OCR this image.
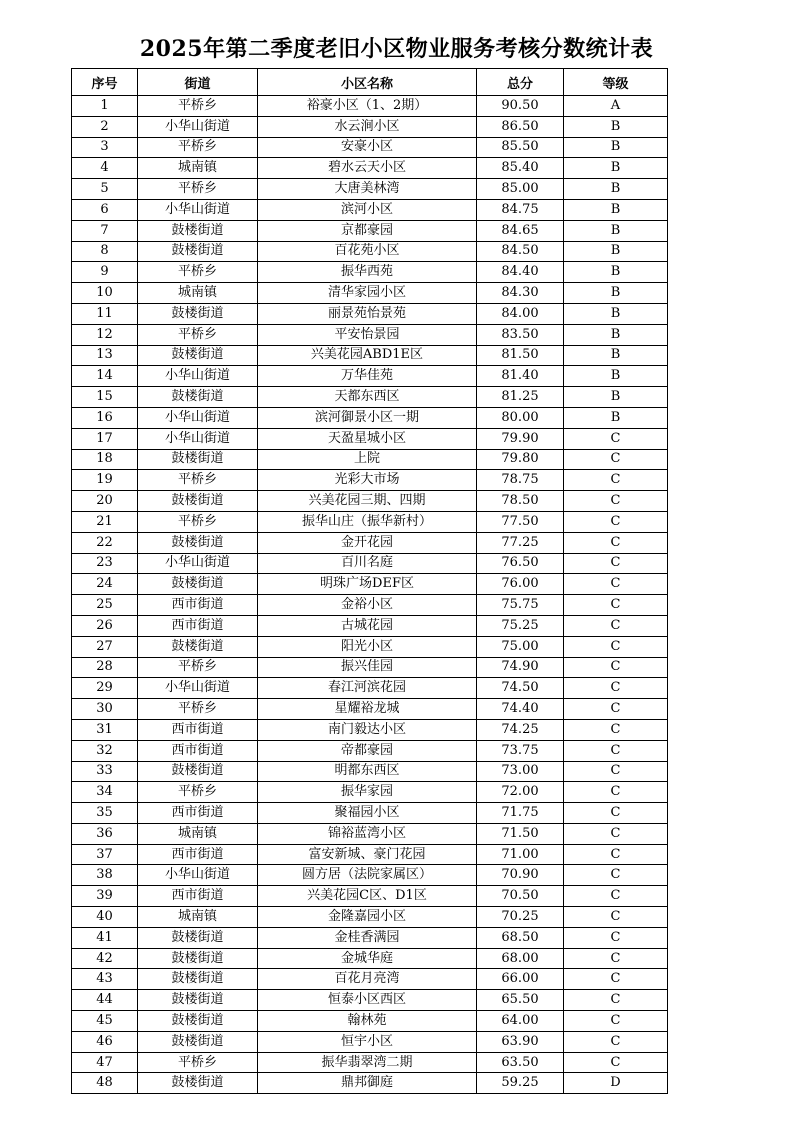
2025年第二季度老旧小区物业服务考核分数统计表
序号	街道	小区名称	总分	等级
1	平桥乡	裕豪小区（1、2期）	90.50	A
2	小华山街道	水云涧小区	86.50	B
3	平桥乡	安豪小区	85.50	B
4	城南镇	碧水云天小区	85.40	B
5	平桥乡	大唐美林湾	85.00	B
6	小华山街道	滨河小区	84.75	B
7	鼓楼街道	京都豪园	84.65	B
8	鼓楼街道	百花苑小区	84.50	B
9	平桥乡	振华西苑	84.40	B
10	城南镇	清华家园小区	84.30	B
11	鼓楼街道	丽景苑怡景苑	84.00	B
12	平桥乡	平安怡景园	83.50	B
13	鼓楼街道	兴美花园ABD1E区	81.50	B
14	小华山街道	万华佳苑	81.40	B
15	鼓楼街道	天都东西区	81.25	B
16	小华山街道	滨河御景小区一期	80.00	B
17	小华山街道	天盈星城小区	79.90	C
18	鼓楼街道	上院	79.80	C
19	平桥乡	光彩大市场	78.75	C
20	鼓楼街道	兴美花园三期、四期	78.50	C
21	平桥乡	振华山庄（振华新村）	77.50	C
22	鼓楼街道	金开花园	77.25	C
23	小华山街道	百川名庭	76.50	C
24	鼓楼街道	明珠广场DEF区	76.00	C
25	西市街道	金裕小区	75.75	C
26	西市街道	古城花园	75.25	C
27	鼓楼街道	阳光小区	75.00	C
28	平桥乡	振兴佳园	74.90	C
29	小华山街道	春江河滨花园	74.50	C
30	平桥乡	星耀裕龙城	74.40	C
31	西市街道	南门毅达小区	74.25	C
32	西市街道	帝都豪园	73.75	C
33	鼓楼街道	明都东西区	73.00	C
34	平桥乡	振华家园	72.00	C
35	西市街道	聚福园小区	71.75	C
36	城南镇	锦裕蓝湾小区	71.50	C
37	西市街道	富安新城、豪门花园	71.00	C
38	小华山街道	圆方居（法院家属区）	70.90	C
39	西市街道	兴美花园C区、D1区	70.50	C
40	城南镇	金隆嘉园小区	70.25	C
41	鼓楼街道	金桂香满园	68.50	C
42	鼓楼街道	金城华庭	68.00	C
43	鼓楼街道	百花月亮湾	66.00	C
44	鼓楼街道	恒泰小区西区	65.50	C
45	鼓楼街道	翰林苑	64.00	C
46	鼓楼街道	恒宇小区	63.90	C
47	平桥乡	振华翡翠湾二期	63.50	C
48	鼓楼街道	鼎邦御庭	59.25	D
